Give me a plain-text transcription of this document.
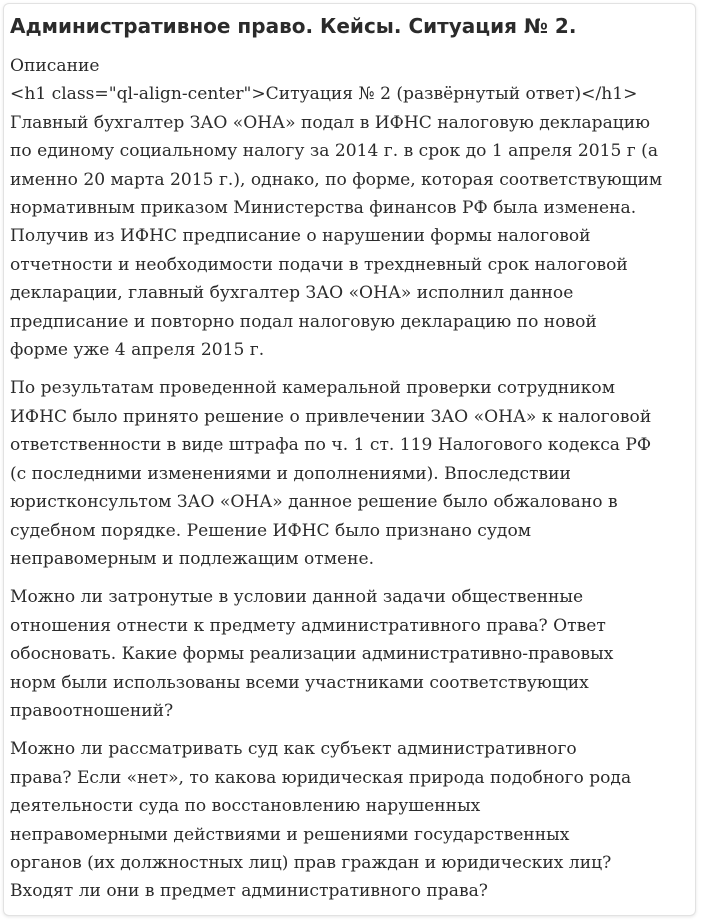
Административное право. Кейсы. Ситуация № 2.

Описание

<h1 class="ql-align-center">Ситуация № 2 (развёрнутый ответ)</h1>
Главный бухгалтер ЗАО «ОНА» подал в ИФНС налоговую декларацию
по единому социальному налогу за 2014 г. в срок до 1 апреля 2015 г (а
именно 20 марта 2015 г.), однако, по форме, которая соответствующим
нормативным приказом Министерства финансов РФ была изменена.
Получив из ИФНС предписание о нарушении формы налоговой
отчетности и необходимости подачи в трехдневный срок налоговой
декларации, главный бухгалтер ЗАО «ОНА» исполнил данное
предписание и повторно подал налоговую декларацию по новой
форме уже 4 апреля 2015 г.

По результатам проведенной камеральной проверки сотрудником
ИФНС было принято решение о привлечении ЗАО «ОНА» к налоговой
ответственности в виде штрафа по ч. 1 ст. 119 Налогового кодекса РФ
(с последними изменениями и дополнениями). Впоследствии
юристконсультом ЗАО «ОНА» данное решение было обжаловано в
судебном порядке. Решение ИФНС было признано судом
неправомерным и подлежащим отмене.

Можно ли затронутые в условии данной задачи общественные
отношения отнести к предмету административного права? Ответ
обосновать. Какие формы реализации административно-правовых
норм были использованы всеми участниками соответствующих
правоотношений?

Можно ли рассматривать суд как субъект административного
права? Если «нет», то какова юридическая природа подобного рода
деятельности суда по восстановлению нарушенных
неправомерными действиями и решениями государственных
органов (их должностных лиц) прав граждан и юридических лиц?
Входят ли они в предмет административного права?
